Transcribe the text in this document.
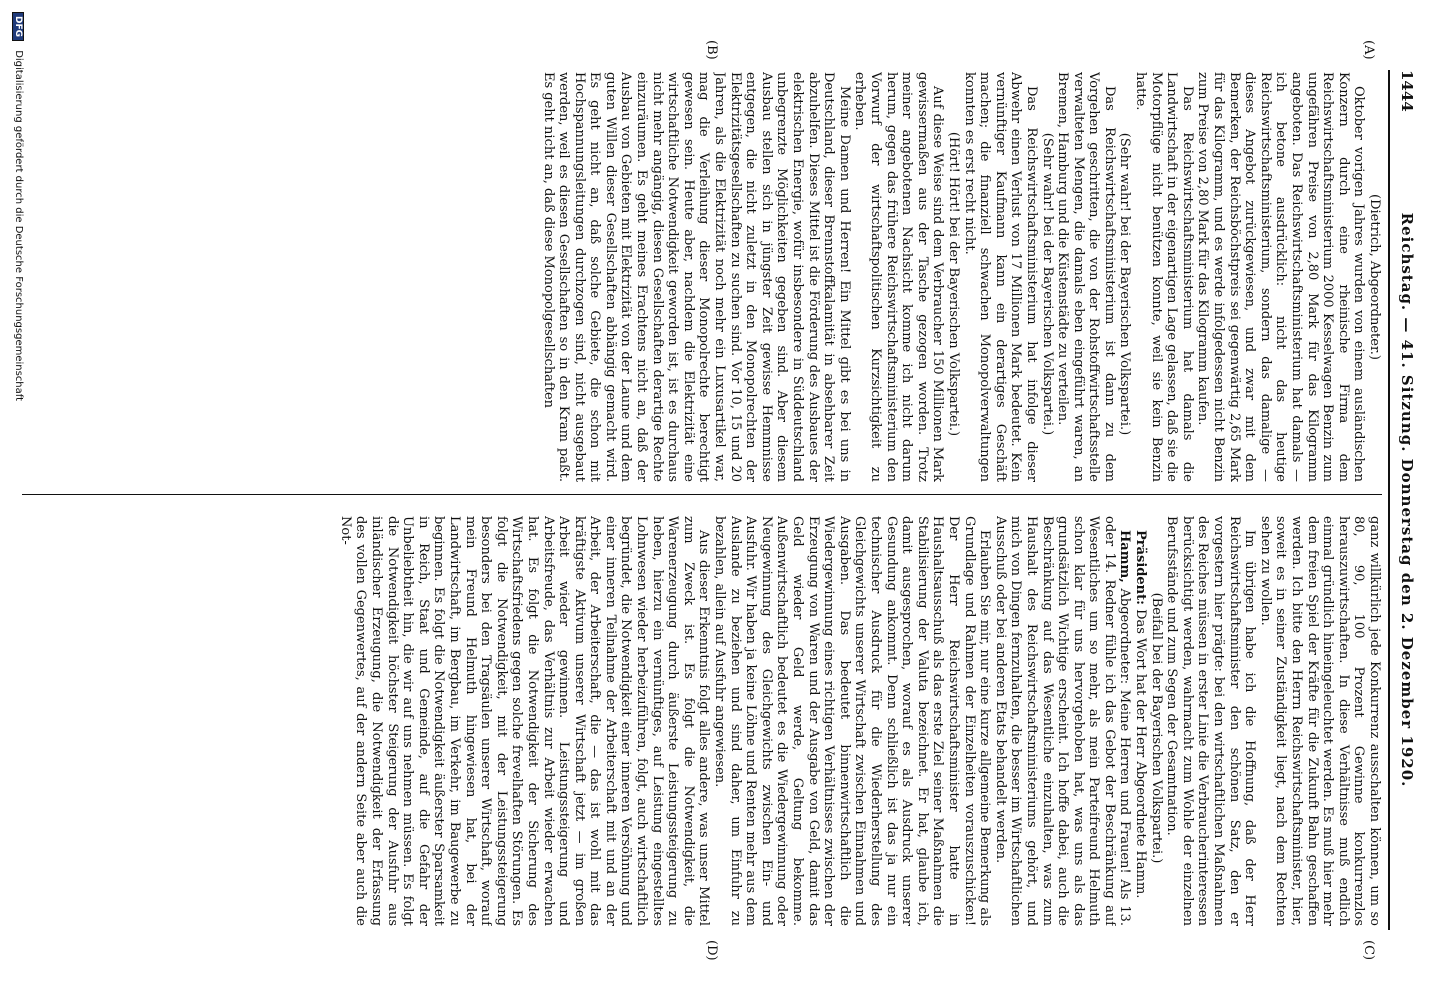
1444
Reichstag. — 41. Sitzung. Donnerstag den 2. Dezember 1920.
(A)
(B)
(C)
(D)

(Dietrich, Abgeordneter.)

Oktober vorigen Jahres wurden von einem ausländischen Konzern durch eine rheinische Firma dem Reichswirtschaftsministerium 2000 Kesselwagen Benzin zum ungefähren Preise von 2,80 Mark für das Kilogramm angeboten. Das Reichswirtschaftsministerium hat damals — ich betone ausdrücklich: nicht das heutige Reichswirtschaftsministerium, sondern das damalige — dieses Angebot zurückgewiesen, und zwar mit dem Bemerken, der Reichsböchstpreis sei gegenwärtig 2,65 Mark für das Kilogramm, und es werde infolgedessen nicht Benzin zum Preise von 2,80 Mark für das Kilogramm kaufen.

Das Reichswirtschaftsministerium hat damals die Landwirtschaft in der eigenartigen Lage gelassen, daß sie die Motorpflüge nicht benützen konnte, weil sie kein Benzin hatte.

(Sehr wahr! bei der Bayerischen Volkspartei.)

Das Reichswirtschaftsministerium ist dann zu dem Vorgehen geschritten, die von der Rohstoffwirtschaftsstelle verwalteten Mengen, die damals eben eingeführt waren, an Bremen, Hamburg und die Küstenstädte zu verteilen.

(Sehr wahr! bei der Bayerischen Volkspartei.)

Das Reichswirtschaftsministerium hat infolge dieser Abwehr einen Verlust von 17 Millionen Mark bedeutet. Kein vernünftiger Kaufmann kann ein derartiges Geschäft machen; die finanziell schwachen Monopolverwaltungen konnten es erst recht nicht.

(Hört! Hört! bei der Bayerischen Volkspartei.)

Auf diese Weise sind dem Verbraucher 150 Millionen Mark gewissermaßen aus der Tasche gezogen worden. Trotz meiner angebotenen Nachsicht komme ich nicht darum herum, gegen das frühere Reichswirtschaftsministerium den Vorwurf der wirtschaftspolitischen Kurzsichtigkeit zu erheben.

Meine Damen und Herren! Ein Mittel gibt es bei uns in Deutschland, dieser Brennstoffkalamität in absehbarer Zeit abzuhelfen. Dieses Mittel ist die Förderung des Ausbaues der elektrischen Energie, wofür insbesondere in Süddeutschland unbegrenzte Möglichkeiten gegeben sind. Aber diesem Ausbau stellen sich in jüngster Zeit gewisse Hemmnisse entgegen, die nicht zuletzt in den Monopolrechten der Elektrizitätsgesellschaften zu suchen sind. Vor 10, 15 und 20 Jahren, als die Elektrizität noch mehr ein Luxusartikel war, mag die Verleihung dieser Monopolrechte berechtigt gewesen sein. Heute aber, nachdem die Elektrizität eine wirtschaftliche Notwendigkeit geworden ist, ist es durchaus nicht mehr angängig, diesen Gesellschaften derartige Rechte einzuräumen. Es geht meines Erachtens nicht an, daß der Ausbau von Gebieten mit Elektrizität von der Laune und dem guten Willen dieser Gesellschaften abhängig gemacht wird. Es geht nicht an, daß solche Gebiete, die schon mit Hochspannungsleitungen durchzogen sind, nicht ausgebaut werden, weil es diesen Gesellschaften so in den Kram paßt. Es geht nicht an, daß diese Monopolgesellschaften

ganz willkürlich jede Konkurrenz ausschalten können, um so 80, 90, 100 Prozent Gewinne konkurrenzlos herauszuwirtschaften. In diese Verhältnisse muß endlich einmal gründlich hineingeleuchtet werden. Es muß hier mehr dem freien Spiel der Kräfte für die Zukunft Bahn geschaffen werden. Ich bitte den Herrn Reichswirtschaftsminister, hier, soweit es in seiner Zuständigkeit liegt, nach dem Rechten sehen zu wollen.

Im übrigen habe ich die Hoffnung, daß der Herr Reichswirtschaftsminister den schönen Satz, den er vorgestern hier prägte: bei den wirtschaftlichen Maßnahmen des Reiches müssen in erster Linie die Verbraucherinteressen berücksichtigt werden, wahrmacht zum Wohle der einzelnen Berufsstände und zum Segen der Gesamtnation.

(Beifall bei der Bayerischen Volkspartei.)

Präsident: Das Wort hat der Herr Abgeordnete Hamm.

Hamm, Abgeordneter: Meine Herren und Frauen! Als 13. oder 14. Redner fühle ich das Gebot der Beschränkung auf Wesentliches um so mehr, als mein Parteifreund Helmuth schon klar für uns hervorgehoben hat, was uns als das grundsätzlich Wichtige erscheint. Ich hoffe dabei, auch die Beschränkung auf das Wesentliche einzuhalten, was zum Haushalt des Reichswirtschaftsministeriums gehört, und mich von Dingen fernzuhalten, die besser im Wirtschaftlichen Ausschuß oder bei anderen Etats behandelt werden.

Erlauben Sie mir, nur eine kurze allgemeine Bemerkung als Grundlage und Rahmen der Einzelheiten vorauszuschicken! Der Herr Reichswirtschaftsminister hatte in Haushaltsausschuß als das erste Ziel seiner Maßnahmen die Stabilisierung der Valuta bezeichnet. Er hat, glaube ich, damit ausgesprochen, worauf es als Ausdruck unserer Gesundung ankommt. Denn schließlich ist das ja nur ein technischer Ausdruck für die Wiederherstellung des Gleichgewichts unserer Wirtschaft zwischen Einnahmen und Ausgaben. Das bedeutet binnenwirtschaftlich die Wiedergewinnung eines richtigen Verhältnisses zwischen der Erzeugung von Waren und der Ausgabe von Geld, damit das Geld wieder Geld werde, Geltung bekomme. Außenwirtschaftlich bedeutet es die Wiedergewinnung oder Neugewinnung des Gleichgewichts zwischen Ein- und Ausfuhr. Wir haben ja keine Löhne und Renten mehr aus dem Auslande zu beziehen und sind daher, um Einfuhr zu bezahlen, allein auf Ausfuhr angewiesen.

Aus dieser Erkenntnis folgt alles andere, was unser Mittel zum Zweck ist. Es folgt die Notwendigkeit, die Warenerzeugung durch äußerste Leistungssteigerung zu heben, hierzu ein vernünftiges, auf Leistung eingestelltes Lohnwesen wieder herbeizuführen, folgt, auch wirtschaftlich begründet, die Notwendigkeit einer inneren Versöhnung und einer inneren Teilnahme der Arbeiterschaft mit und an der Arbeit, der Arbeiterschaft, die — das ist wohl mit das kräftigste Aktivum unserer Wirtschaft jetzt — im großen Arbeit wieder gewinnen. Leistungssteigerung und Arbeitsfreude, das Verhältnis zur Arbeit wieder erwachen hat. Es folgt die Notwendigkeit der Sicherung des Wirtschaftsfriedens gegen solche frevelhaften Störungen. Es folgt die Notwendigkeit, mit der Leistungssteigerung besonders bei den Tragsäulen unserer Wirtschaft, worauf mein Freund Helmuth hingewiesen hat, bei der Landwirtschaft, im Bergbau, im Verkehr, im Baugewerbe zu beginnen. Es folgt die Notwendigkeit äußerster Sparsamkeit in Reich, Staat und Gemeinde, auf die Gefahr der Unbeliebtheit hin, die wir auf uns nehmen müssen. Es folgt die Notwendigkeit höchster Steigerung der Ausfuhr aus inländischer Erzeugung, die Notwendigkeit der Erfassung des vollen Gegenwertes, auf der andern Seite aber auch die Not-

DFG Digitalisierung gefördert durch die Deutsche Forschungsgemeinschaft
